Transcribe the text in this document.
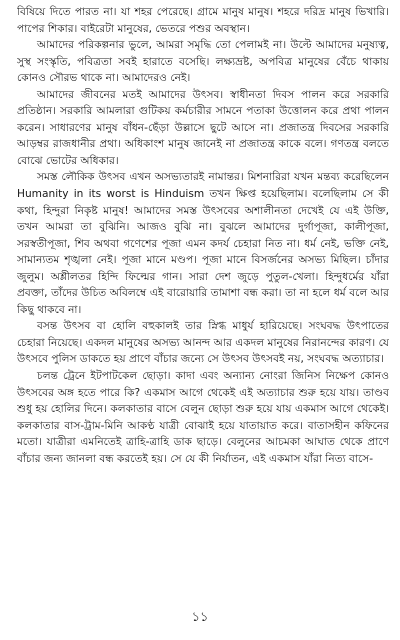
বিষিয়ে দিতে পারত না। যা শহর পেরেছে। গ্রামে মানুষ মানুষ। শহরে দরিদ্র মানুষ ভিখারি। পাপের শিকার। বাইরেটা মানুষের, ভেতরে পশুর অবস্থান।

আমাদের পরিকল্পনার ভুলে, আমরা সমৃদ্ধি তো পেলামই না। উল্টে আমাদের মনুষ্যত্ব, সুস্থ সংস্কৃতি, পবিত্রতা সবই হারাতে বসেছি। লক্ষ্যভ্রষ্ট, অপবিত্র মানুষের বেঁচে থাকায় কোনও সৌরভ থাকে না। আমাদেরও নেই।

আমাদের জীবনের মতই আমাদের উৎসব। স্বাধীনতা দিবস পালন করে সরকারি প্রতিষ্ঠান। সরকারি আমলারা গুটিকয় কর্মচারীর সামনে পতাকা উত্তোলন করে প্রথা পালন করেন। সাধারণের মানুষ বাঁধন-ছেঁড়া উল্লাসে ছুটে আসে না। প্রজাতন্ত্র দিবসের সরকারি আড়ম্বর রাজধানীর প্রথা। অধিকাংশ মানুষ জানেই না প্রজাতন্ত্র কাকে বলে। গণতন্ত্র বলতে বোঝে ভোটের অধিকার।

সমস্ত লৌকিক উৎসব এখন অসভ্যতারই নামান্তর। মিশনারিরা যখন মন্তব্য করেছিলেন Humanity in its worst is Hinduism তখন ক্ষিপ্ত হয়েছিলাম। বলেছিলাম সে কী কথা, হিন্দুরা নিকৃষ্ট মানুষ! আমাদের সমস্ত উৎসবের অশালীনতা দেখেই যে এই উক্তি, তখন আমরা তা বুঝিনি। আজও বুঝি না। বুঝলে আমাদের দুর্গাপূজা, কালীপূজা, সরস্বতীপূজা, শিব অথবা গণেশের পূজা এমন কদর্য চেহারা নিত না। ধর্ম নেই, ভক্তি নেই, সামান্যতম শৃঙ্খলা নেই। পূজা মানে মণ্ডপ। পূজা মানে বিসর্জনের অসভ্য মিছিল। চাঁদার জুলুম। অশ্লীলতর হিন্দি ফিল্মের গান। সারা দেশ জুড়ে পুতুল-খেলা। হিন্দুধর্মের যাঁরা প্রবক্তা, তাঁদের উচিত অবিলম্বে এই বারোয়ারি তামাশা বন্ধ করা। তা না হলে ধর্ম বলে আর কিছু থাকবে না।

বসন্ত উৎসব বা হোলি বহুকালই তার স্নিগ্ধ মাধুর্য হারিয়েছে। সংঘবদ্ধ উৎপাতের চেহারা নিয়েছে। একদল মানুষের অসভ্য আনন্দ আর একদল মানুষের নিরানন্দের কারণ। যে উৎসবে পুলিস ডাকতে হয় প্রাণে বাঁচার জন্যে সে উৎসব উৎসবই নয়, সংঘবদ্ধ অত্যাচার।

চলন্ত ট্রেনে ইটপাটকেল ছোড়া। কাদা এবং অন্যান্য নোংরা জিনিস নিক্ষেপ কোনও উৎসবের অঙ্গ হতে পারে কি? একমাস আগে থেকেই এই অত্যাচার শুরু হয়ে যায়। তাণ্ডব শুধু হয় হোলির দিনে। কলকাতার বাসে বেলুন ছোড়া শুরু হয়ে যায় একমাস আগে থেকেই। কলকাতার বাস-ট্রাম-মিনি আকণ্ঠ যাত্রী বোঝাই হয়ে যাতায়াত করে। বাতাসহীন কফিনের মতো। যাত্রীরা এমনিতেই ত্রাহি-ত্রাহি ডাক ছাড়ে। বেলুনের আচমকা আঘাত থেকে প্রাণে বাঁচার জন্য জানলা বন্ধ করতেই হয়। সে যে কী নির্যাতন, এই একমাস যাঁরা নিত্য বাসে-

১১
